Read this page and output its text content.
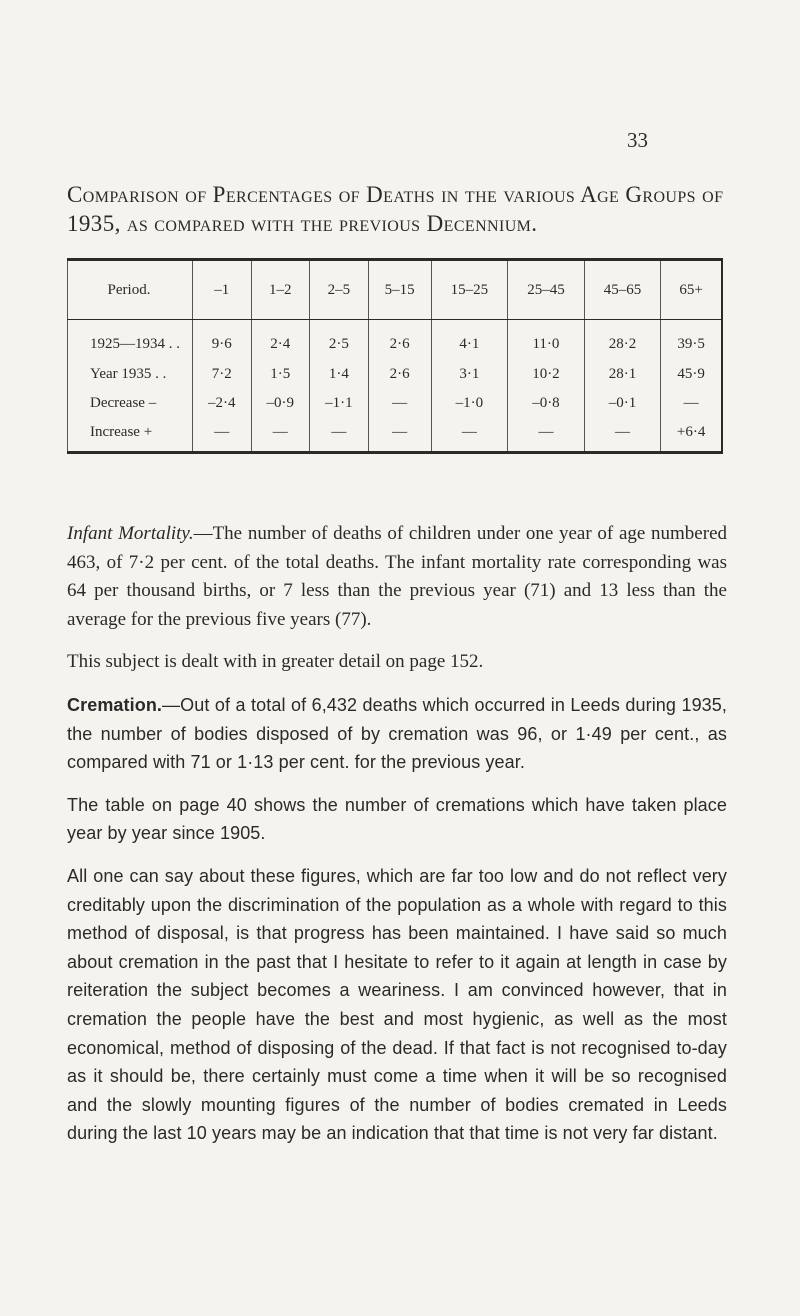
33
Comparison of Percentages of Deaths in the various Age Groups of 1935, as compared with the previous Decennium.
Period.	–1	1–2	2–5	5–15	15–25	25–45	45–65	65+
1925—1934 . .	9·6	2·4	2·5	2·6	4·1	11·0	28·2	39·5
Year 1935 . .	7·2	1·5	1·4	2·6	3·1	10·2	28·1	45·9
Decrease –	–2·4	–0·9	–1·1	—	–1·0	–0·8	–0·1	—
Increase +	—	—	—	—	—	—	—	+6·4

Infant Mortality.—The number of deaths of children under one year of age numbered 463, of 7·2 per cent. of the total deaths. The infant mortality rate corresponding was 64 per thousand births, or 7 less than the previous year (71) and 13 less than the average for the previous five years (77).

This subject is dealt with in greater detail on page 152.

Cremation.—Out of a total of 6,432 deaths which occurred in Leeds during 1935, the number of bodies disposed of by cremation was 96, or 1·49 per cent., as compared with 71 or 1·13 per cent. for the previous year.

The table on page 40 shows the number of cremations which have taken place year by year since 1905.

All one can say about these figures, which are far too low and do not reflect very creditably upon the discrimination of the population as a whole with regard to this method of disposal, is that progress has been maintained. I have said so much about cremation in the past that I hesitate to refer to it again at length in case by reiteration the subject becomes a weariness. I am convinced however, that in cremation the people have the best and most hygienic, as well as the most economical, method of disposing of the dead. If that fact is not recognised to-day as it should be, there certainly must come a time when it will be so recognised and the slowly mounting figures of the number of bodies cremated in Leeds during the last 10 years may be an indication that that time is not very far distant.
